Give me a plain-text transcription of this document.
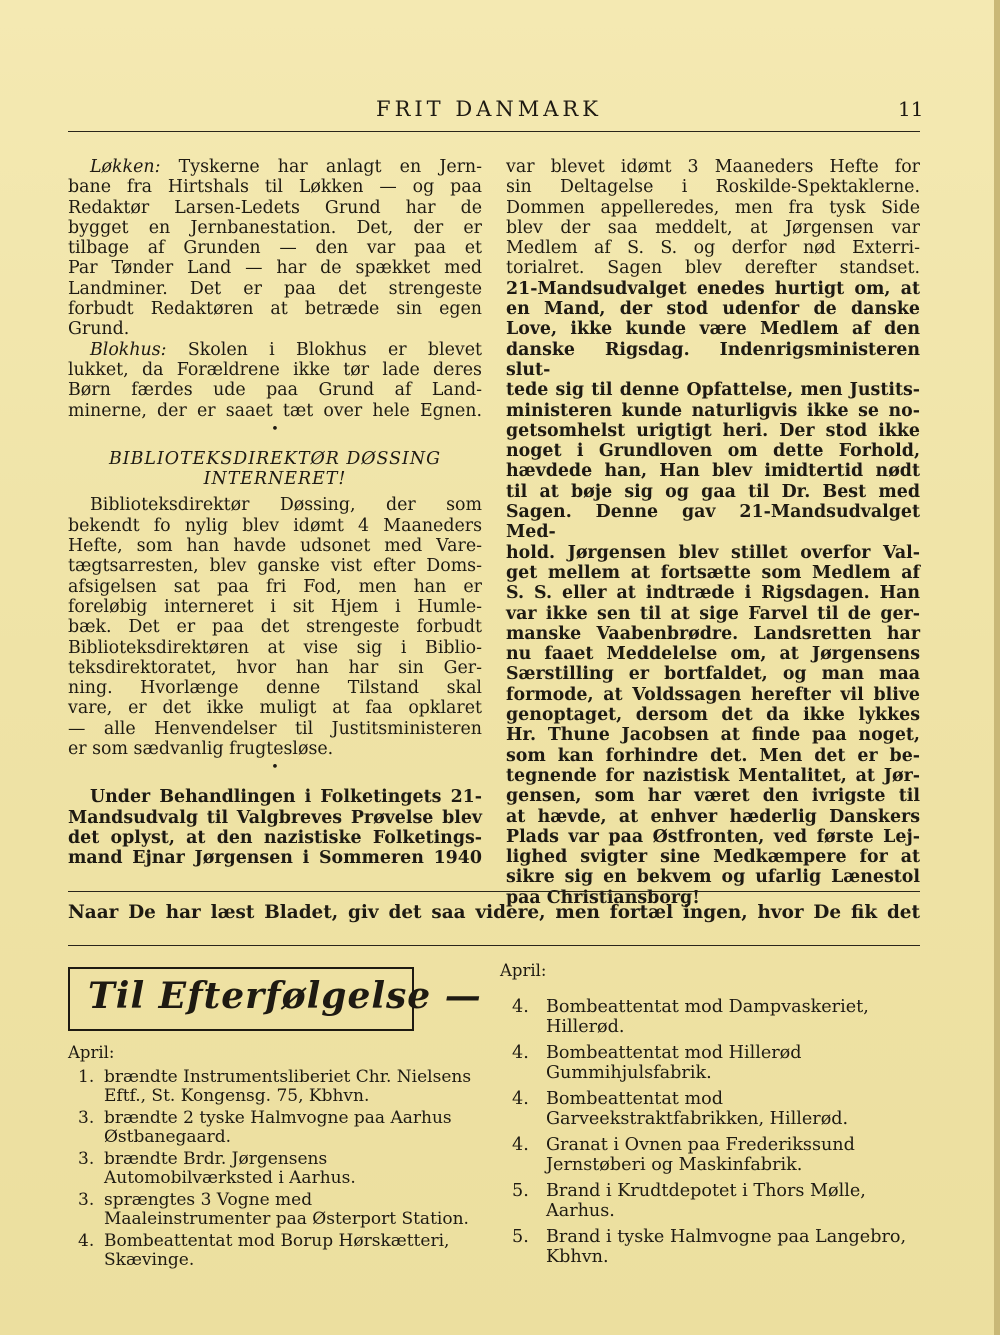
FRIT DANMARK	11

Løkken: Tyskerne har anlagt en Jern-

bane fra Hirtshals til Løkken — og paa

Redaktør Larsen-Ledets Grund har de

bygget en Jernbanestation. Det, der er

tilbage af Grunden — den var paa et

Par Tønder Land — har de spækket med

Landminer. Det er paa det strengeste

forbudt Redaktøren at betræde sin egen

Grund.

Blokhus: Skolen i Blokhus er blevet

lukket, da Forældrene ikke tør lade deres

Børn færdes ude paa Grund af Land-

minerne, der er saaet tæt over hele Egnen.

•
BIBLIOTEKSDIREKTØR DØSSING
INTERNERET!

Biblioteksdirektør Døssing, der som

bekendt fo nylig blev idømt 4 Maaneders

Hefte, som han havde udsonet med Vare-

tægtsarresten, blev ganske vist efter Doms-

afsigelsen sat paa fri Fod, men han er

foreløbig interneret i sit Hjem i Humle-

bæk. Det er paa det strengeste forbudt

Biblioteksdirektøren at vise sig i Biblio-

teksdirektoratet, hvor han har sin Ger-

ning. Hvorlænge denne Tilstand skal

vare, er det ikke muligt at faa opklaret

— alle Henvendelser til Justitsministeren

er som sædvanlig frugtesløse.

•

Under Behandlingen i Folketingets 21-

Mandsudvalg til Valgbreves Prøvelse blev

det oplyst, at den nazistiske Folketings-

mand Ejnar Jørgensen i Sommeren 1940

var blevet idømt 3 Maaneders Hefte for

sin Deltagelse i Roskilde-Spektaklerne.

Dommen appelleredes, men fra tysk Side

blev der saa meddelt, at Jørgensen var

Medlem af S. S. og derfor nød Exterri-

torialret. Sagen blev derefter standset.

21-Mandsudvalget enedes hurtigt om, at

en Mand, der stod udenfor de danske

Love, ikke kunde være Medlem af den

danske Rigsdag. Indenrigsministeren slut-

tede sig til denne Opfattelse, men Justits-

ministeren kunde naturligvis ikke se no-

getsomhelst urigtigt heri. Der stod ikke

noget i Grundloven om dette Forhold,

hævdede han, Han blev imidtertid nødt

til at bøje sig og gaa til Dr. Best med

Sagen. Denne gav 21-Mandsudvalget Med-

hold. Jørgensen blev stillet overfor Val-

get mellem at fortsætte som Medlem af

S. S. eller at indtræde i Rigsdagen. Han

var ikke sen til at sige Farvel til de ger-

manske Vaabenbrødre. Landsretten har

nu faaet Meddelelse om, at Jørgensens

Særstilling er bortfaldet, og man maa

formode, at Voldssagen herefter vil blive

genoptaget, dersom det da ikke lykkes

Hr. Thune Jacobsen at finde paa noget,

som kan forhindre det. Men det er be-

tegnende for nazistisk Mentalitet, at Jør-

gensen, som har været den ivrigste til

at hævde, at enhver hæderlig Danskers

Plads var paa Østfronten, ved første Lej-

lighed svigter sine Medkæmpere for at

sikre sig en bekvem og ufarlig Lænestol

paa Christiansborg!

Naar De har læst Bladet, giv det saa videre, men fortæl ingen, hvor De fik det
Til Efterfølgelse —
April:
1. brændte Instrumentsliberiet Chr. Nielsens Eftf., St. Kongensg. 75, Kbhvn.
3. brændte 2 tyske Halmvogne paa Aarhus Østbanegaard.
3. brændte Brdr. Jørgensens Automobilværksted i Aarhus.
3. sprængtes 3 Vogne med Maaleinstrumenter paa Østerport Station.
4. Bombeattentat mod Borup Hørskætteri, Skævinge.
April:
4. Bombeattentat mod Dampvaskeriet, Hillerød.
4. Bombeattentat mod Hillerød Gummihjulsfabrik.
4. Bombeattentat mod Garveekstraktfabrikken, Hillerød.
4. Granat i Ovnen paa Frederikssund Jernstøberi og Maskinfabrik.
5. Brand i Krudtdepotet i Thors Mølle, Aarhus.
5. Brand i tyske Halmvogne paa Langebro, Kbhvn.
